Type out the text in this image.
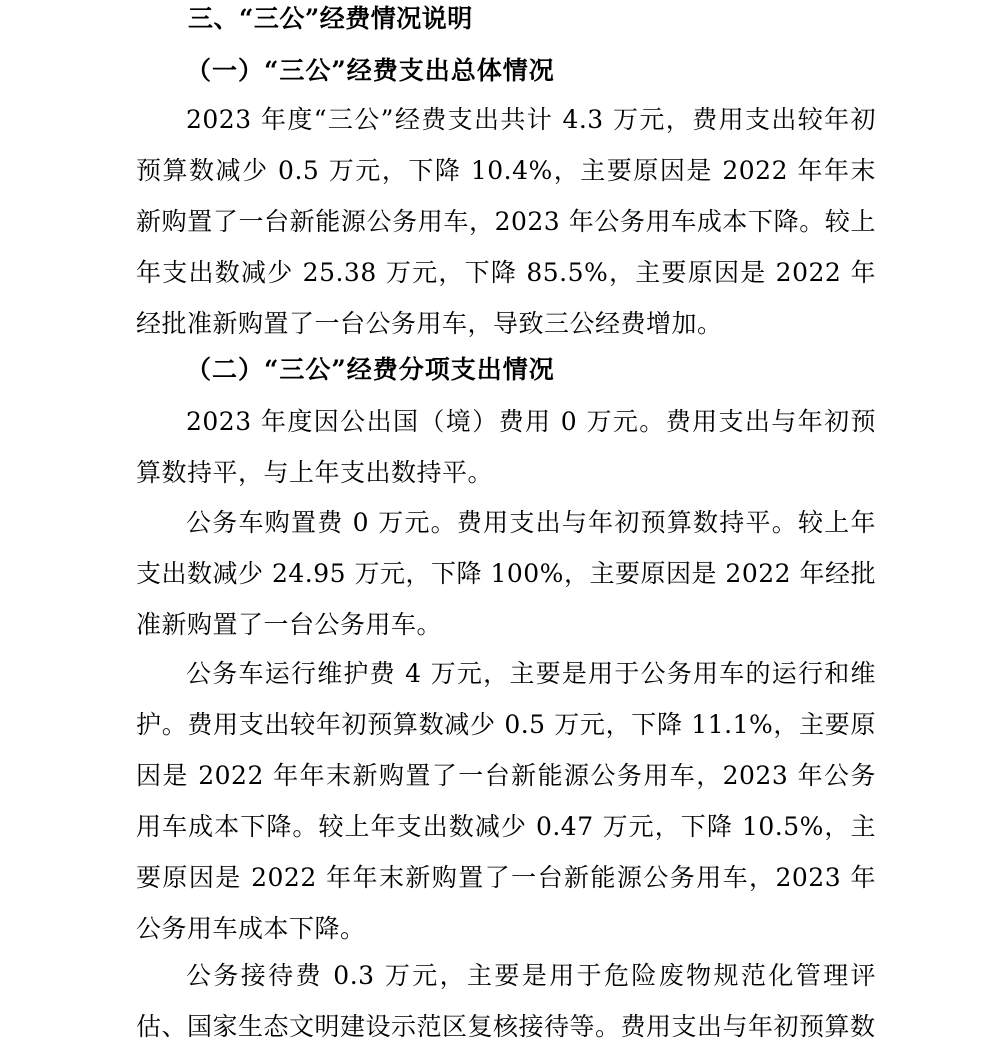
三、“三公”经费情况说明
（一）“三公”经费支出总体情况
2023 年度“三公”经费支出共计 4.3 万元，费用支出较年初预算数减少 0.5 万元，下降 10.4%，主要原因是 2022 年年末新购置了一台新能源公务用车，2023 年公务用车成本下降。较上年支出数减少 25.38 万元，下降 85.5%，主要原因是 2022 年经批准新购置了一台公务用车，导致三公经费增加。
（二）“三公”经费分项支出情况
2023 年度因公出国（境）费用 0 万元。费用支出与年初预算数持平，与上年支出数持平。
公务车购置费 0 万元。费用支出与年初预算数持平。较上年支出数减少 24.95 万元，下降 100%，主要原因是 2022 年经批准新购置了一台公务用车。
公务车运行维护费 4 万元，主要是用于公务用车的运行和维护。费用支出较年初预算数减少 0.5 万元，下降 11.1%，主要原因是 2022 年年末新购置了一台新能源公务用车，2023 年公务用车成本下降。较上年支出数减少 0.47 万元，下降 10.5%，主要原因是 2022 年年末新购置了一台新能源公务用车，2023 年公务用车成本下降。
公务接待费 0.3 万元，主要是用于危险废物规范化管理评估、国家生态文明建设示范区复核接待等。费用支出与年初预算数
